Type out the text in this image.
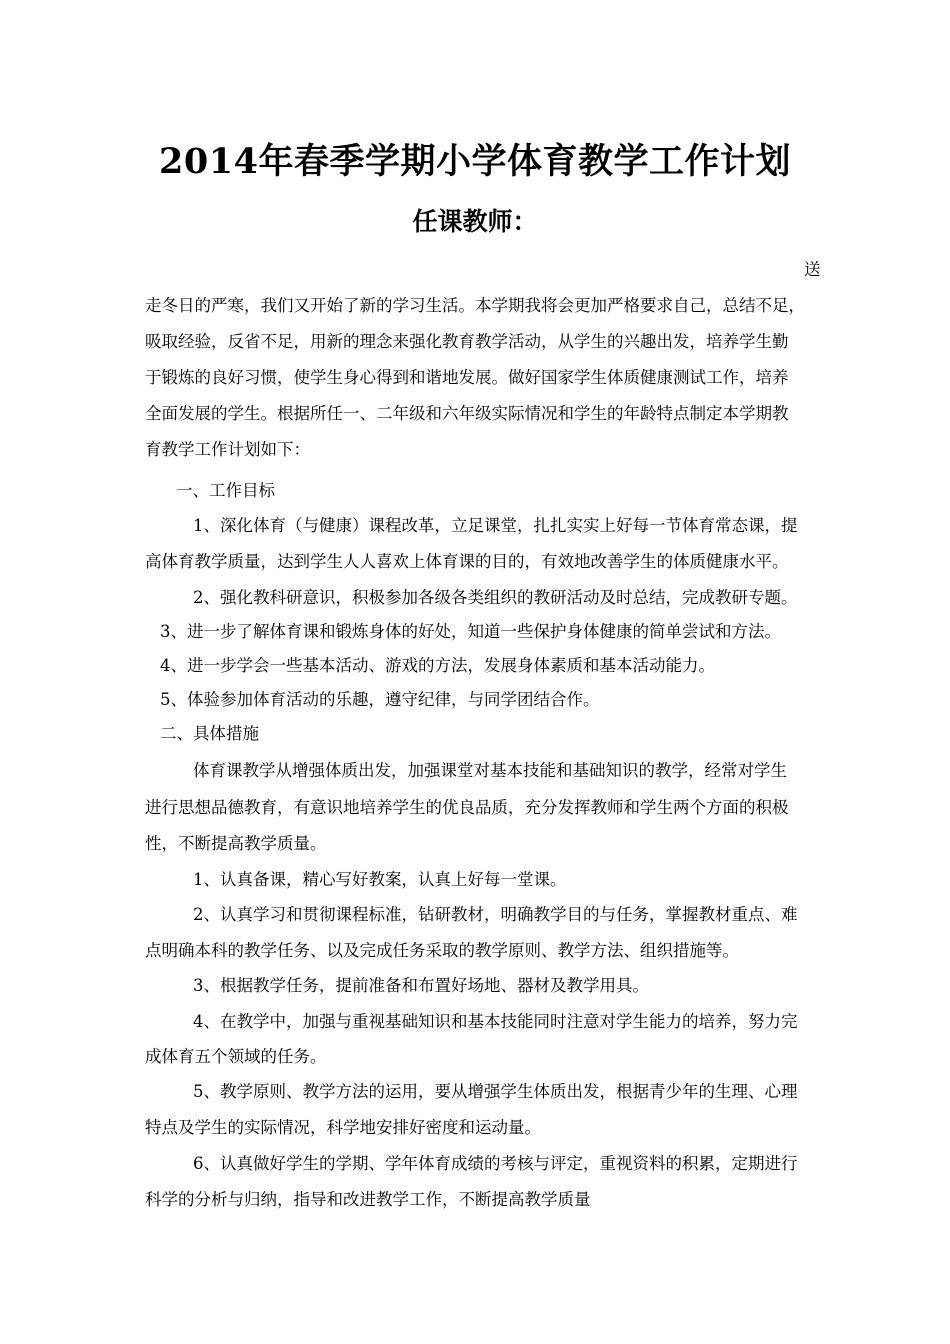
2014年春季学期小学体育教学工作计划
任课教师：
送
走冬日的严寒，我们又开始了新的学习生活。本学期我将会更加严格要求自己，总结不足，
吸取经验，反省不足，用新的理念来强化教育教学活动，从学生的兴趣出发，培养学生勤
于锻炼的良好习惯，使学生身心得到和谐地发展。做好国家学生体质健康测试工作，培养
全面发展的学生。根据所任一、二年级和六年级实际情况和学生的年龄特点制定本学期教
育教学工作计划如下：
一、工作目标
1、深化体育（与健康）课程改革，立足课堂，扎扎实实上好每一节体育常态课，提
高体育教学质量，达到学生人人喜欢上体育课的目的，有效地改善学生的体质健康水平。
2、强化教科研意识，积极参加各级各类组织的教研活动及时总结，完成教研专题。
3、进一步了解体育课和锻炼身体的好处，知道一些保护身体健康的简单尝试和方法。
4、进一步学会一些基本活动、游戏的方法，发展身体素质和基本活动能力。
5、体验参加体育活动的乐趣，遵守纪律，与同学团结合作。
二、具体措施
体育课教学从增强体质出发，加强课堂对基本技能和基础知识的教学，经常对学生
进行思想品德教育，有意识地培养学生的优良品质，充分发挥教师和学生两个方面的积极
性，不断提高教学质量。
1、认真备课，精心写好教案，认真上好每一堂课。
2、认真学习和贯彻课程标准，钻研教材，明确教学目的与任务，掌握教材重点、难
点明确本科的教学任务、以及完成任务采取的教学原则、教学方法、组织措施等。
3、根据教学任务，提前准备和布置好场地、器材及教学用具。
4、在教学中，加强与重视基础知识和基本技能同时注意对学生能力的培养，努力完
成体育五个领域的任务。
5、教学原则、教学方法的运用，要从增强学生体质出发，根据青少年的生理、心理
特点及学生的实际情况，科学地安排好密度和运动量。
6、认真做好学生的学期、学年体育成绩的考核与评定，重视资料的积累，定期进行
科学的分析与归纳，指导和改进教学工作，不断提高教学质量
